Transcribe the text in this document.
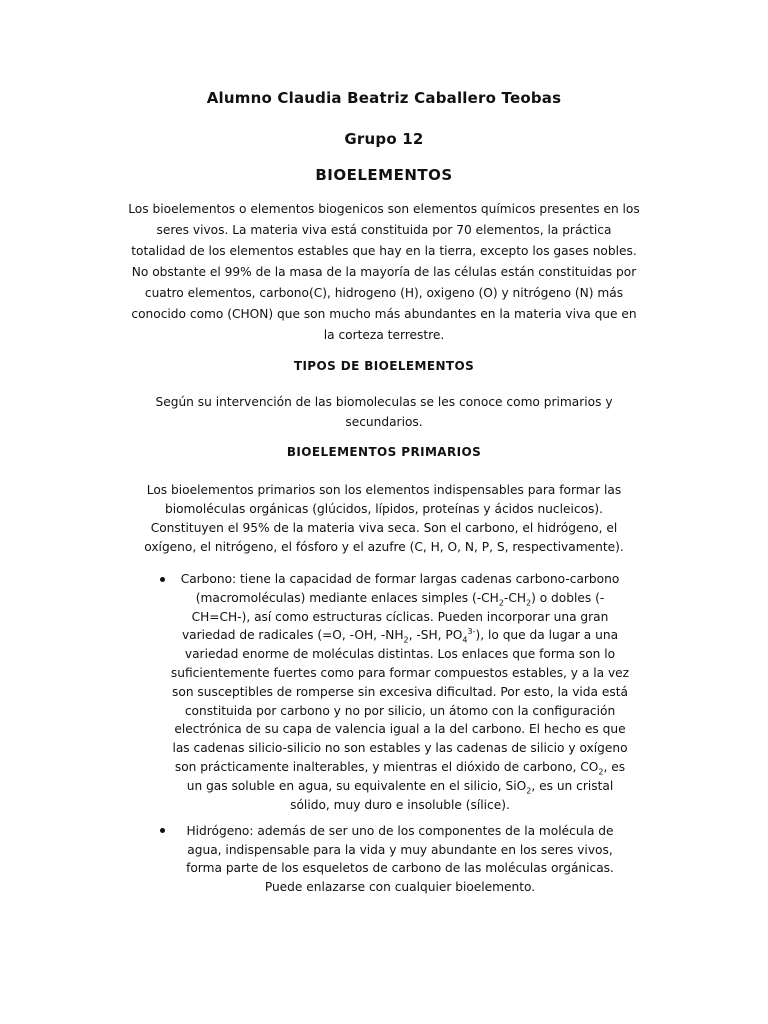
Alumno Claudia Beatriz Caballero Teobas
Grupo 12
BIOELEMENTOS

Los bioelementos o elementos biogenicos son elementos químicos presentes en los seres vivos. La materia viva está constituida por 70 elementos, la práctica totalidad de los elementos estables que hay en la tierra, excepto los gases nobles. No obstante el 99% de la masa de la mayoría de las células están constituidas por cuatro elementos, carbono(C), hidrogeno (H), oxigeno (O) y nitrógeno (N) más conocido como (CHON) que son mucho más abundantes en la materia viva que en la corteza terrestre.

TIPOS DE BIOELEMENTOS

Según su intervención de las biomoleculas se les conoce como primarios y secundarios.

BIOELEMENTOS PRIMARIOS

Los bioelementos primarios son los elementos indispensables para formar las biomoléculas orgánicas (glúcidos, lípidos, proteínas y ácidos nucleicos). Constituyen el 95% de la materia viva seca. Son el carbono, el hidrógeno, el oxígeno, el nitrógeno, el fósforo y el azufre (C, H, O, N, P, S, respectivamente).

Carbono: tiene la capacidad de formar largas cadenas carbono-carbono (macromoléculas) mediante enlaces simples $(-CH_2-CH_2)$ o dobles (-CH=CH-), así como estructuras cíclicas. Pueden incorporar una gran variedad de radicales (=O, -OH, $-NH_2$, -SH, $PO_4^{3-}$), lo que da lugar a una variedad enorme de moléculas distintas. Los enlaces que forma son lo suficientemente fuertes como para formar compuestos estables, y a la vez son susceptibles de romperse sin excesiva dificultad. Por esto, la vida está constituida por carbono y no por silicio, un átomo con la configuración electrónica de su capa de valencia igual a la del carbono. El hecho es que las cadenas silicio-silicio no son estables y las cadenas de silicio y oxígeno son prácticamente inalterables, y mientras el dióxido de carbono, $CO_2$, es un gas soluble en agua, su equivalente en el silicio, SiO$_2$, es un cristal sólido, muy duro e insoluble (sílice).

Hidrógeno: además de ser uno de los componentes de la molécula de agua, indispensable para la vida y muy abundante en los seres vivos, forma parte de los esqueletos de carbono de las moléculas orgánicas. Puede enlazarse con cualquier bioelemento.
